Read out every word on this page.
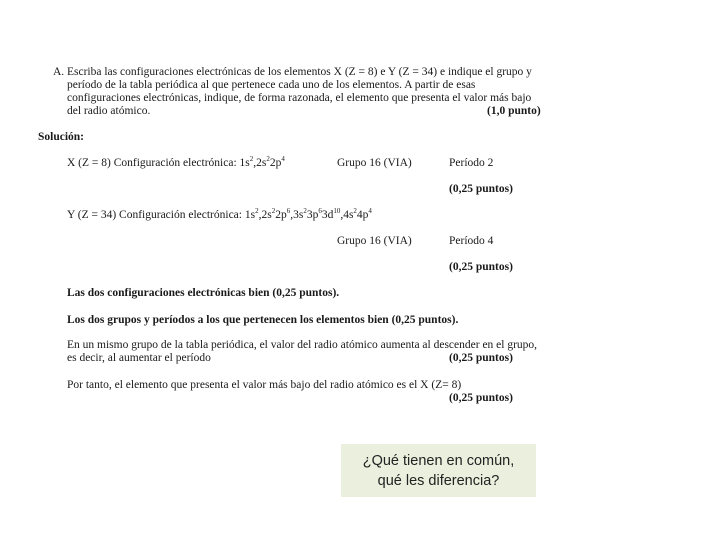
A. Escriba las configuraciones electrónicas de los elementos X (Z = 8) e Y (Z = 34) e indique el grupo y
período de la tabla periódica al que pertenece cada uno de los elementos. A partir de esas
configuraciones electrónicas, indique, de forma razonada, el elemento que presenta el valor más bajo
del radio atómico.	(1,0 punto)
Solución:
X (Z = 8) Configuración electrónica: $1s^2,2s^22p^4$	Grupo 16 (VIA)	Período 2
(0,25 puntos)
Y (Z = 34) Configuración electrónica: $1s^2,2s^22p^6,3s^23p^63d^{10},4s^24p^4$
Grupo 16 (VIA)	Período 4
(0,25 puntos)
Las dos configuraciones electrónicas bien (0,25 puntos).
Los dos grupos y períodos a los que pertenecen los elementos bien (0,25 puntos).
En un mismo grupo de la tabla periódica, el valor del radio atómico aumenta al descender en el grupo,
es decir, al aumentar el período	(0,25 puntos)
Por tanto, el elemento que presenta el valor más bajo del radio atómico es el X (Z= 8)
(0,25 puntos)
¿Qué tienen en común,
qué les diferencia?
